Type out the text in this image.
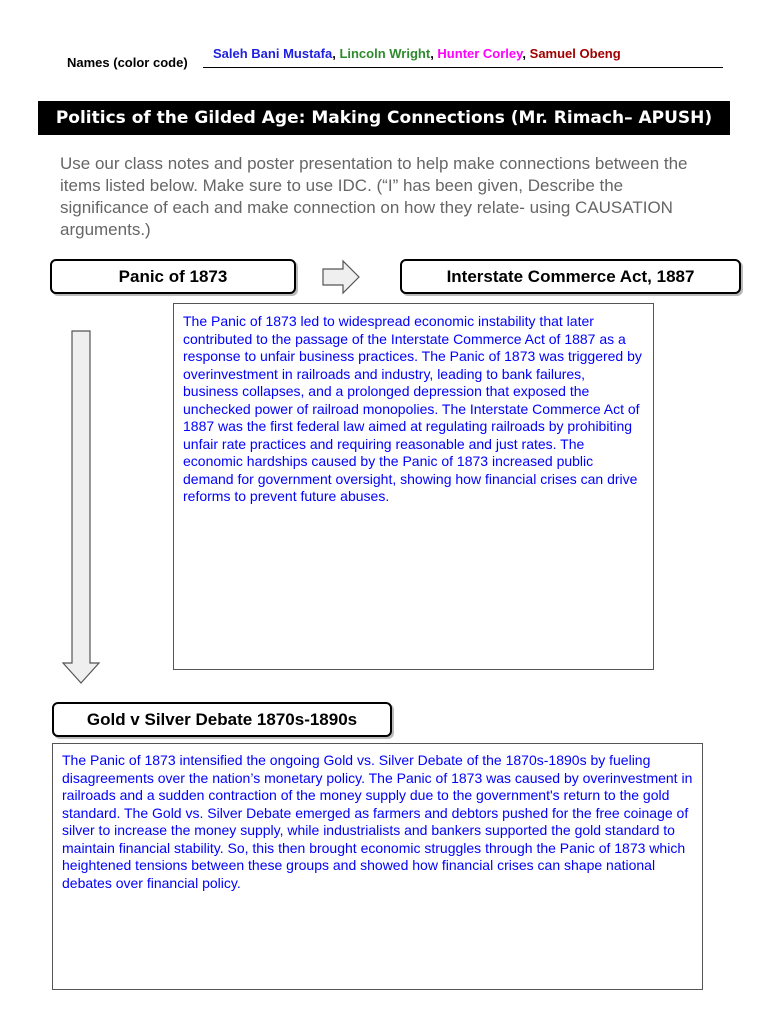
Names (color code)
Saleh Bani Mustafa, Lincoln Wright, Hunter Corley, Samuel Obeng
Politics of the Gilded Age: Making Connections (Mr. Rimach– APUSH)
Use our class notes and poster presentation to help make connections between the items listed below. Make sure to use IDC. (“I” has been given, Describe the significance of each and make connection on how they relate- using CAUSATION arguments.)
Panic of 1873	Interstate Commerce Act, 1887
The Panic of 1873 led to widespread economic instability that later contributed to the passage of the Interstate Commerce Act of 1887 as a response to unfair business practices. The Panic of 1873 was triggered by overinvestment in railroads and industry, leading to bank failures, business collapses, and a prolonged depression that exposed the unchecked power of railroad monopolies. The Interstate Commerce Act of 1887 was the first federal law aimed at regulating railroads by prohibiting unfair rate practices and requiring reasonable and just rates. The economic hardships caused by the Panic of 1873 increased public demand for government oversight, showing how financial crises can drive reforms to prevent future abuses.
Gold v Silver Debate 1870s-1890s
The Panic of 1873 intensified the ongoing Gold vs. Silver Debate of the 1870s-1890s by fueling disagreements over the nation’s monetary policy. The Panic of 1873 was caused by overinvestment in railroads and a sudden contraction of the money supply due to the government's return to the gold standard. The Gold vs. Silver Debate emerged as farmers and debtors pushed for the free coinage of silver to increase the money supply, while industrialists and bankers supported the gold standard to maintain financial stability. So, this then brought economic struggles through the Panic of 1873 which heightened tensions between these groups and showed how financial crises can shape national debates over financial policy.
